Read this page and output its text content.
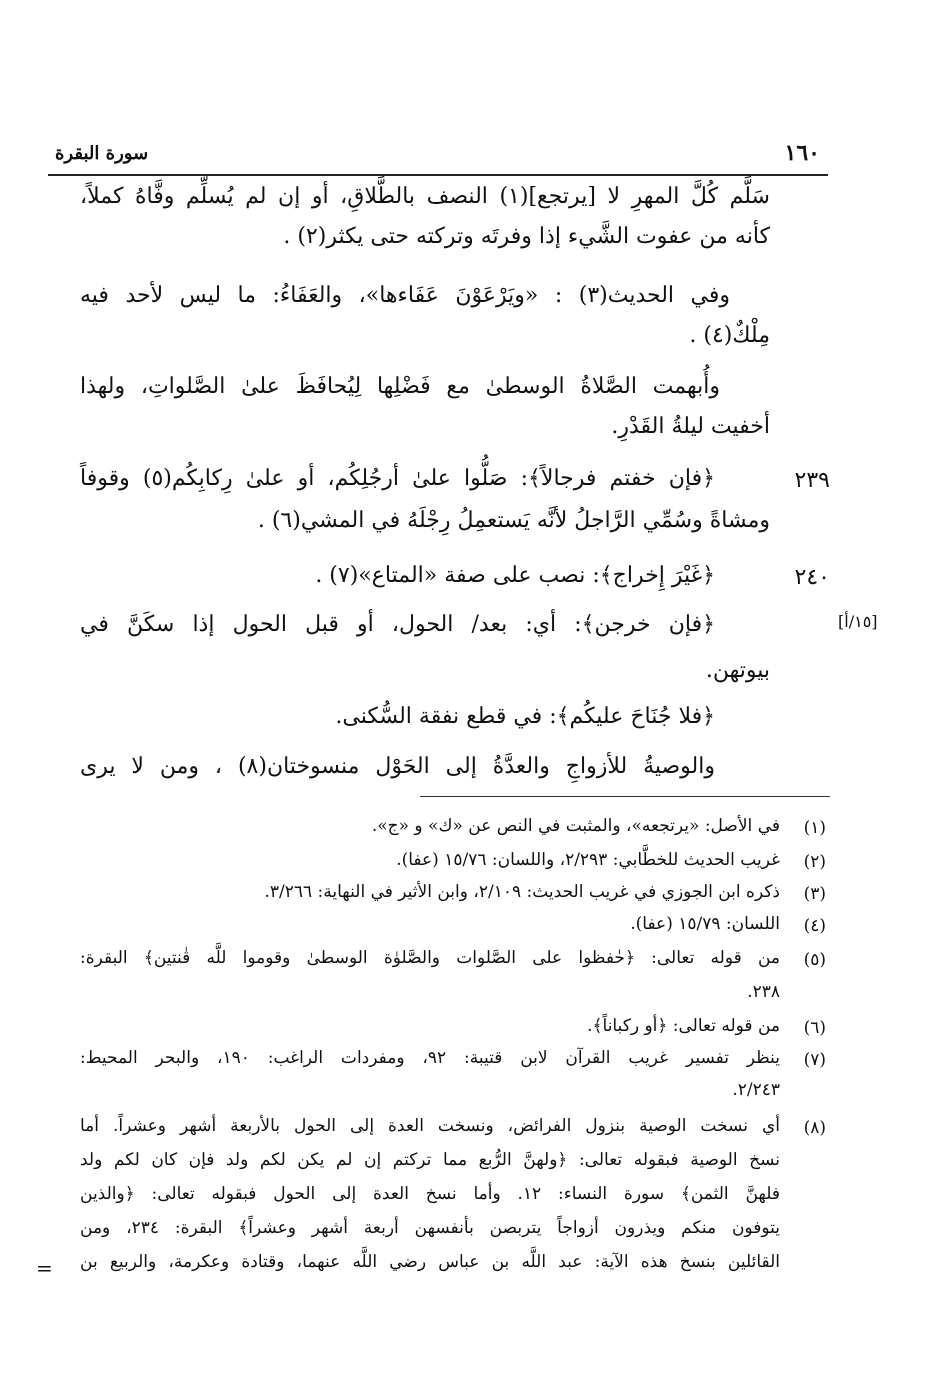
١٦٠
سورة البقرة
سَلَّم كُلَّ المهرِ لا [يرتجع](١) النصف بالطَّلاقِ، أو إن لم يُسلِّم وفَّاهُ كملاً،
كأنه من عفوت الشَّيء إذا وفرتَه وتركته حتى يكثر(٢) .
وفي الحديث(٣) : «ويَرْعَوْنَ عَفَاءها»، والعَفَاءُ: ما ليس لأحد فيه
مِلْكٌ(٤) .
وأُبهمت الصَّلاةُ الوسطىٰ مع فَضْلِها لِيُحافَظَ علىٰ الصَّلواتِ، ولهذا
أخفيت ليلةُ القَدْرِ.
٢٣٩
﴿فإن خفتم فرجالاً﴾: صَلُّوا علىٰ أرجُلِكُم، أو علىٰ رِكابِكُم(٥) وقوفاً
ومشاةً وسُمِّي الرَّاجلُ لأنَّه يَستعمِلُ رِجْلَهُ في المشي(٦) .
٢٤٠
﴿غَيْرَ إِخراج﴾: نصب على صفة «المتاع»(٧) .
[١٥/أ]
﴿فإن خرجن﴾: أي: بعد/ الحول، أو قبل الحول إذا سكَنَّ في
بيوتهن.
﴿فلا جُنَاحَ عليكُم﴾: في قطع نفقة السُّكنى.
والوصيةُ للأزواجِ والعدَّةُ إلى الحَوْل منسوختان(٨) ، ومن لا يرى
(١)
في الأصل: «يرتجعه»، والمثبت في النص عن «ك» و «ج».
(٢)
غريب الحديث للخطَّابي: ٢/٢٩٣، واللسان: ١٥/٧٦ (عفا).
(٣)
ذكره ابن الجوزي في غريب الحديث: ٢/١٠٩، وابن الأثير في النهاية: ٣/٢٦٦.
(٤)
اللسان: ١٥/٧٩ (عفا).
(٥)
من قوله تعالى: ﴿حٰفظوا على الصَّلوات والصَّلوٰة الوسطىٰ وقوموا للَّه قٰنتين﴾ البقرة:
٢٣٨.
(٦)
من قوله تعالى: ﴿أو ركباناً﴾.
(٧)
ينظر تفسير غريب القرآن لابن قتيبة: ٩٢، ومفردات الراغب: ١٩٠، والبحر المحيط:
٢/٢٤٣.
(٨)
أي نسخت الوصية بنزول الفرائض، ونسخت العدة إلى الحول بالأربعة أشهر وعشراً. أما
نسخ الوصية فبقوله تعالى: ﴿ولهنَّ الرُّبع مما تركتم إن لم يكن لكم ولد فإن كان لكم ولد
فلهنَّ الثمن﴾ سورة النساء: ١٢. وأما نسخ العدة إلى الحول فبقوله تعالى: ﴿والذين
يتوفون منكم ويذرون أزواجاً يتربصن بأنفسهن أربعة أشهر وعشراً﴾ البقرة: ٢٣٤، ومن
القائلين بنسخ هذه الآية: عبد اللَّه بن عباس رضي اللَّه عنهما، وقتادة وعكرمة، والربيع بن
=
